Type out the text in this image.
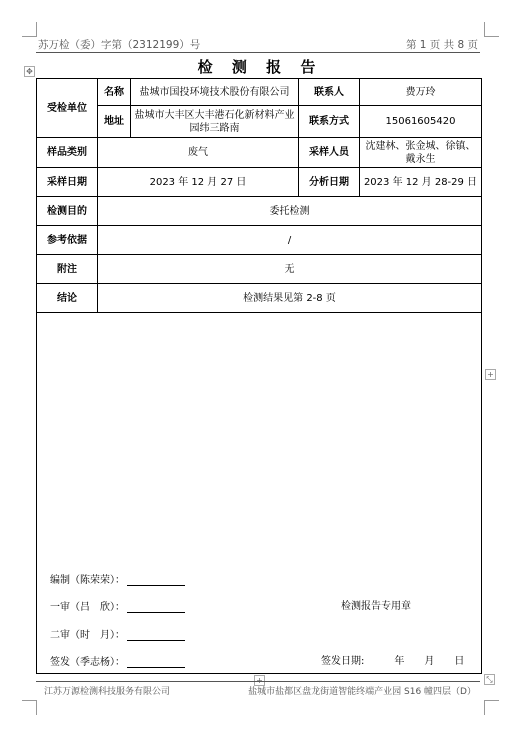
苏万检（委）字第（2312199）号	第 1 页 共 8 页
✥	检 测 报 告
受检单位	名称	盐城市国投环境技术股份有限公司	联系人	费万玲
	地址	盐城市大丰区大丰港石化新材料产业园纬三路南	联系方式	15061605420
样品类别	废气		采样人员	沈建林、张金城、徐镇、戴永生
采样日期	2023 年 12 月 27 日		分析日期	2023 年 12 月 28-29 日
检测目的	委托检测			
参考依据	/			
附注	无			
结论	检测结果见第 2-8 页			

编制（陈荣荣）：
一审（吕　欣）：
二审（时　月）：
签发（季志杨）：
检测报告专用章
签发日期:　　　年　　月　　日
+
⤡
江苏万源检测科技服务有限公司	盐城市盐都区盘龙街道智能终端产业园 S16 幢四层（D）
